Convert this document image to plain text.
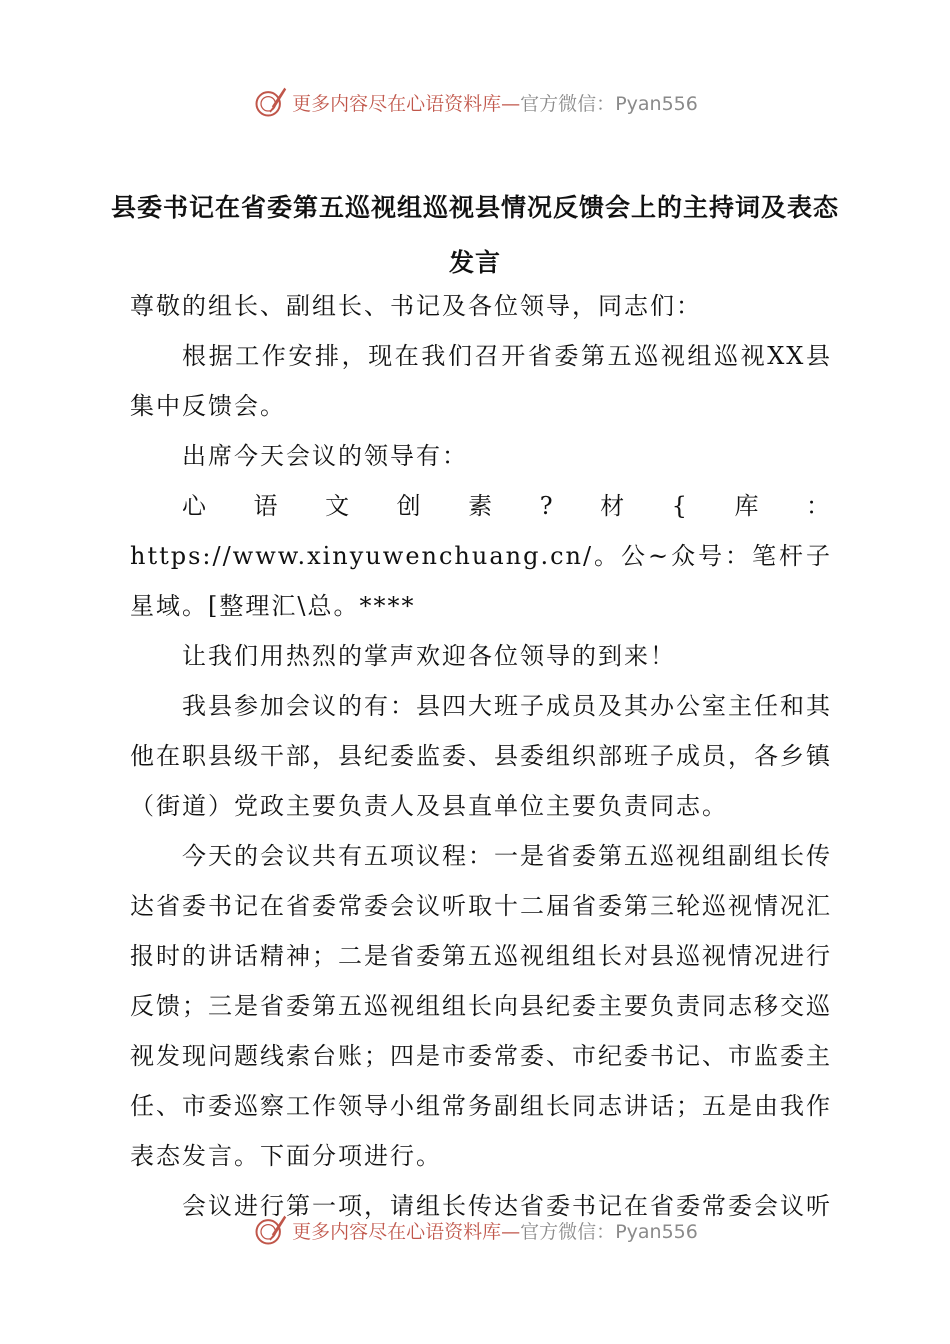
更多内容尽在心语资料库—官方微信：Pyan556
县委书记在省委第五巡视组巡视县情况反馈会上的主持词及表态发言

尊敬的组长、副组长、书记及各位领导，同志们：

根据工作安排，现在我们召开省委第五巡视组巡视XX县集中反馈会。

出席今天会议的领导有：

心语文创素?材{库：https://www.xinyuwenchuang.cn/。公~众号：笔杆子星域。[整理汇\总。****

让我们用热烈的掌声欢迎各位领导的到来！

我县参加会议的有：县四大班子成员及其办公室主任和其他在职县级干部，县纪委监委、县委组织部班子成员，各乡镇（街道）党政主要负责人及县直单位主要负责同志。

今天的会议共有五项议程：一是省委第五巡视组副组长传达省委书记在省委常委会议听取十二届省委第三轮巡视情况汇报时的讲话精神；二是省委第五巡视组组长对县巡视情况进行反馈；三是省委第五巡视组组长向县纪委主要负责同志移交巡视发现问题线索台账；四是市委常委、市纪委书记、市监委主任、市委巡察工作领导小组常务副组长同志讲话；五是由我作表态发言。下面分项进行。

会议进行第一项，请组长传达省委书记在省委常委会议听

更多内容尽在心语资料库—官方微信：Pyan556
